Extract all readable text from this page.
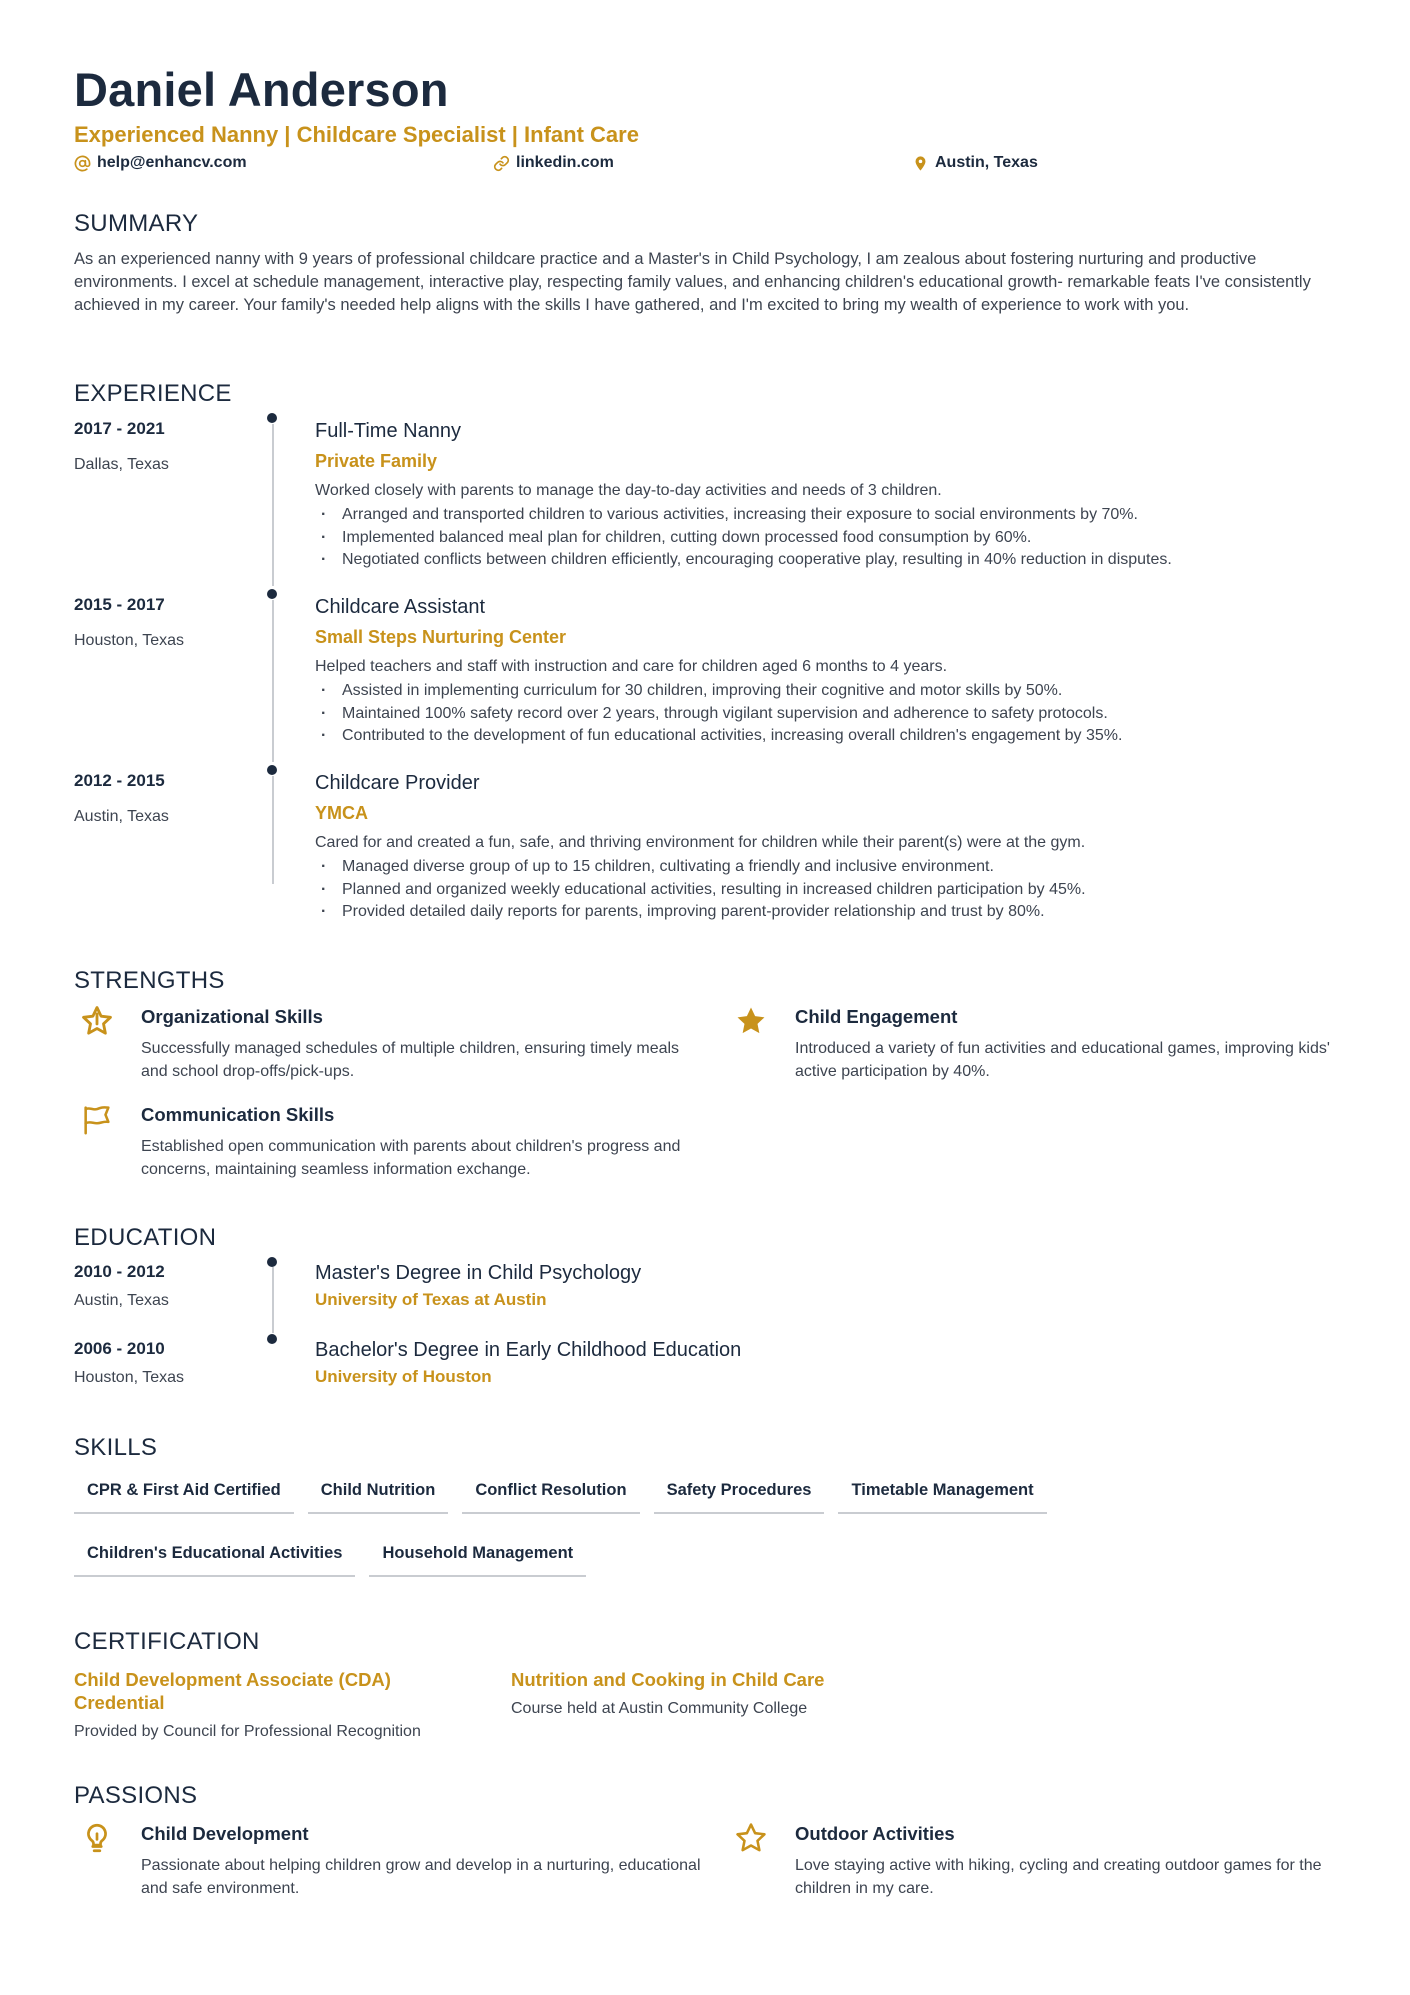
Daniel Anderson
Experienced Nanny | Childcare Specialist | Infant Care
help@enhancv.com	linkedin.com	Austin, Texas
SUMMARY
As an experienced nanny with 9 years of professional childcare practice and a Master's in Child Psychology, I am zealous about fostering nurturing and productive environments. I excel at schedule management, interactive play, respecting family values, and enhancing children's educational growth- remarkable feats I've consistently achieved in my career. Your family's needed help aligns with the skills I have gathered, and I'm excited to bring my wealth of experience to work with you.
EXPERIENCE
2017 - 2021
Dallas, Texas
Full-Time Nanny
Private Family
Worked closely with parents to manage the day-to-day activities and needs of 3 children.
· Arranged and transported children to various activities, increasing their exposure to social environments by 70%.
· Implemented balanced meal plan for children, cutting down processed food consumption by 60%.
· Negotiated conflicts between children efficiently, encouraging cooperative play, resulting in 40% reduction in disputes.
2015 - 2017
Houston, Texas
Childcare Assistant
Small Steps Nurturing Center
Helped teachers and staff with instruction and care for children aged 6 months to 4 years.
· Assisted in implementing curriculum for 30 children, improving their cognitive and motor skills by 50%.
· Maintained 100% safety record over 2 years, through vigilant supervision and adherence to safety protocols.
· Contributed to the development of fun educational activities, increasing overall children's engagement by 35%.
2012 - 2015
Austin, Texas
Childcare Provider
YMCA
Cared for and created a fun, safe, and thriving environment for children while their parent(s) were at the gym.
· Managed diverse group of up to 15 children, cultivating a friendly and inclusive environment.
· Planned and organized weekly educational activities, resulting in increased children participation by 45%.
· Provided detailed daily reports for parents, improving parent-provider relationship and trust by 80%.
STRENGTHS
Organizational Skills
Successfully managed schedules of multiple children, ensuring timely meals and school drop-offs/pick-ups.
Child Engagement
Introduced a variety of fun activities and educational games, improving kids' active participation by 40%.
Communication Skills
Established open communication with parents about children's progress and concerns, maintaining seamless information exchange.
EDUCATION
2010 - 2012
Austin, Texas
Master's Degree in Child Psychology
University of Texas at Austin
2006 - 2010
Houston, Texas
Bachelor's Degree in Early Childhood Education
University of Houston
SKILLS
CPR & First Aid Certified	Child Nutrition	Conflict Resolution	Safety Procedures	Timetable Management
Children's Educational Activities	Household Management
CERTIFICATION
Child Development Associate (CDA) Credential
Provided by Council for Professional Recognition
Nutrition and Cooking in Child Care
Course held at Austin Community College
PASSIONS
Child Development
Passionate about helping children grow and develop in a nurturing, educational and safe environment.
Outdoor Activities
Love staying active with hiking, cycling and creating outdoor games for the children in my care.
